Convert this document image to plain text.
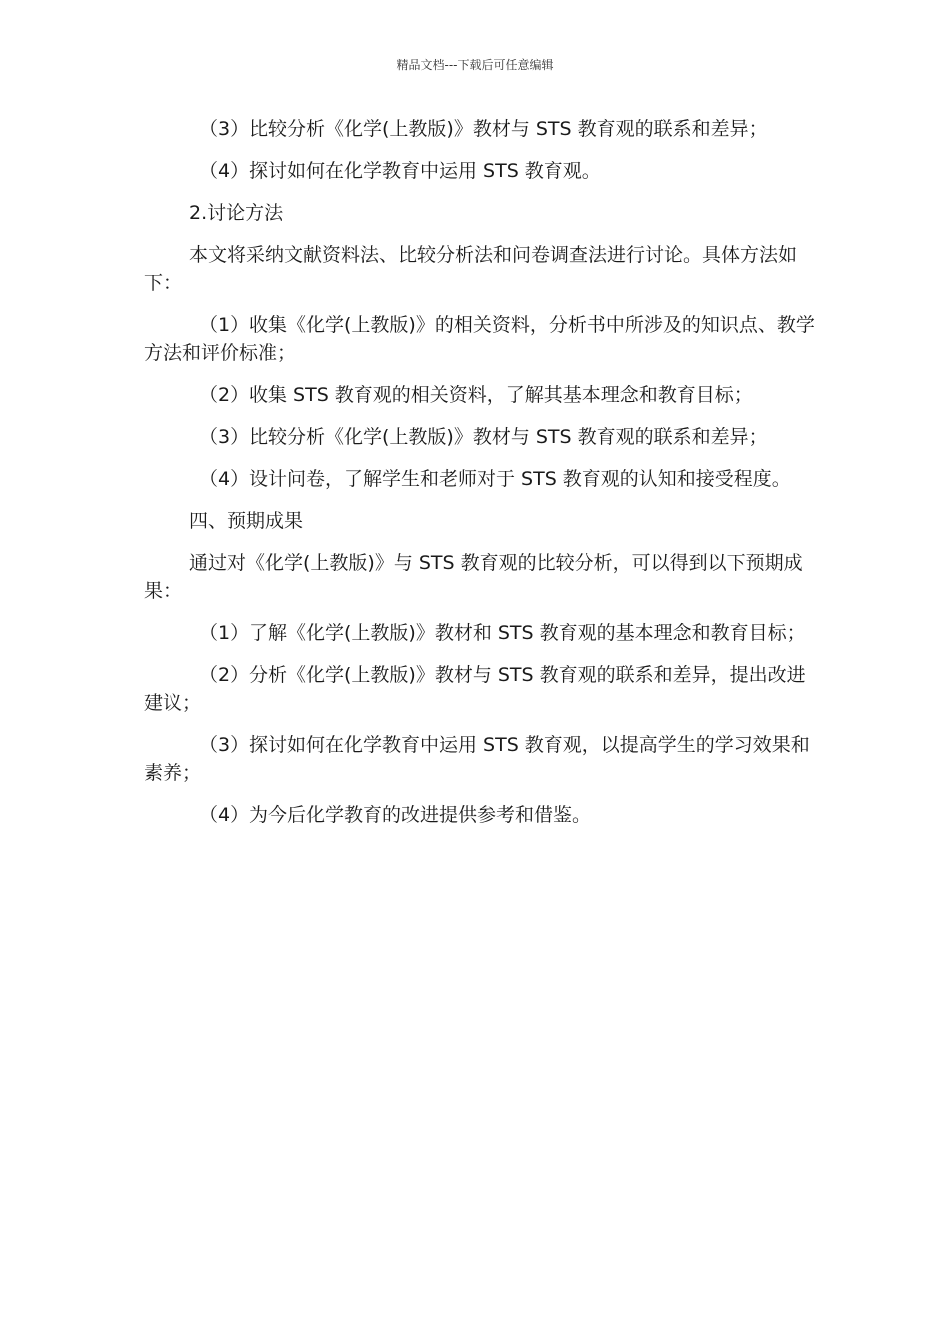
精品文档---下载后可任意编辑

（3）比较分析《化学(上教版)》教材与 STS 教育观的联系和差异；

（4）探讨如何在化学教育中运用 STS 教育观。

2.讨论方法

本文将采纳文献资料法、比较分析法和问卷调查法进行讨论。具体方法如下：

（1）收集《化学(上教版)》的相关资料，分析书中所涉及的知识点、教学方法和评价标准；

（2）收集 STS 教育观的相关资料，了解其基本理念和教育目标；

（3）比较分析《化学(上教版)》教材与 STS 教育观的联系和差异；

（4）设计问卷，了解学生和老师对于 STS 教育观的认知和接受程度。

四、预期成果

通过对《化学(上教版)》与 STS 教育观的比较分析，可以得到以下预期成果：

（1）了解《化学(上教版)》教材和 STS 教育观的基本理念和教育目标；

（2）分析《化学(上教版)》教材与 STS 教育观的联系和差异，提出改进建议；

（3）探讨如何在化学教育中运用 STS 教育观，以提高学生的学习效果和素养；

（4）为今后化学教育的改进提供参考和借鉴。
